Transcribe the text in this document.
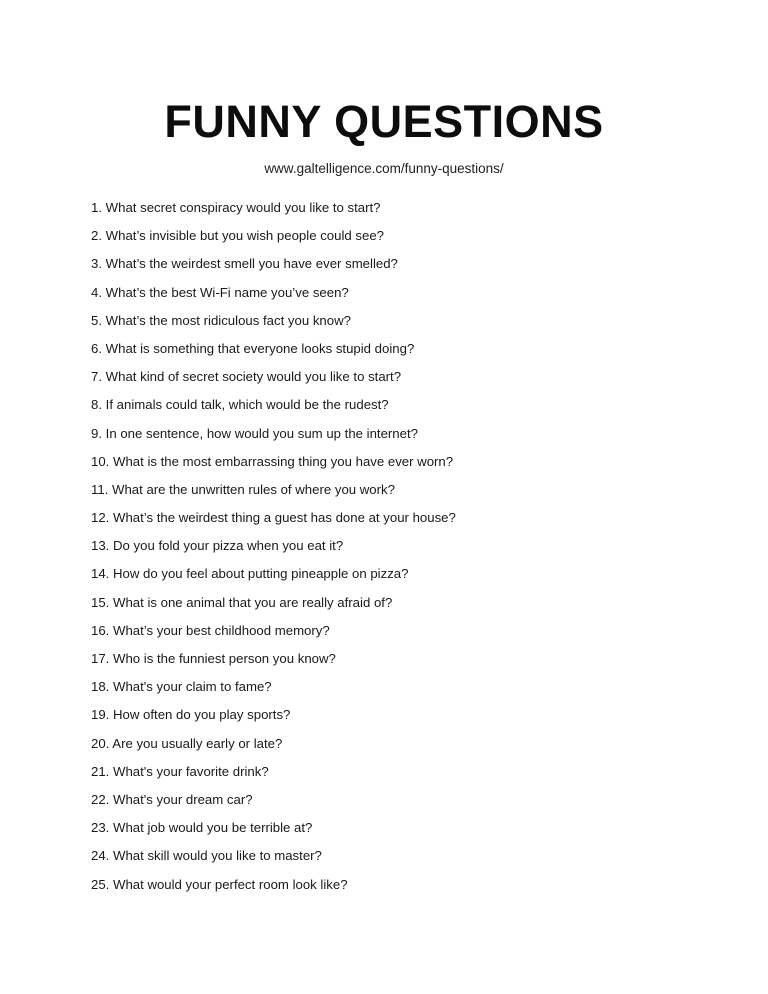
FUNNY QUESTIONS
www.galtelligence.com/funny-questions/
1. What secret conspiracy would you like to start?
2. What’s invisible but you wish people could see?
3. What’s the weirdest smell you have ever smelled?
4. What’s the best Wi-Fi name you’ve seen?
5. What’s the most ridiculous fact you know?
6. What is something that everyone looks stupid doing?
7. What kind of secret society would you like to start?
8. If animals could talk, which would be the rudest?
9. In one sentence, how would you sum up the internet?
10. What is the most embarrassing thing you have ever worn?
11. What are the unwritten rules of where you work?
12. What’s the weirdest thing a guest has done at your house?
13. Do you fold your pizza when you eat it?
14. How do you feel about putting pineapple on pizza?
15. What is one animal that you are really afraid of?
16. What’s your best childhood memory?
17. Who is the funniest person you know?
18. What's your claim to fame?
19. How often do you play sports?
20. Are you usually early or late?
21. What's your favorite drink?
22. What's your dream car?
23. What job would you be terrible at?
24. What skill would you like to master?
25. What would your perfect room look like?
